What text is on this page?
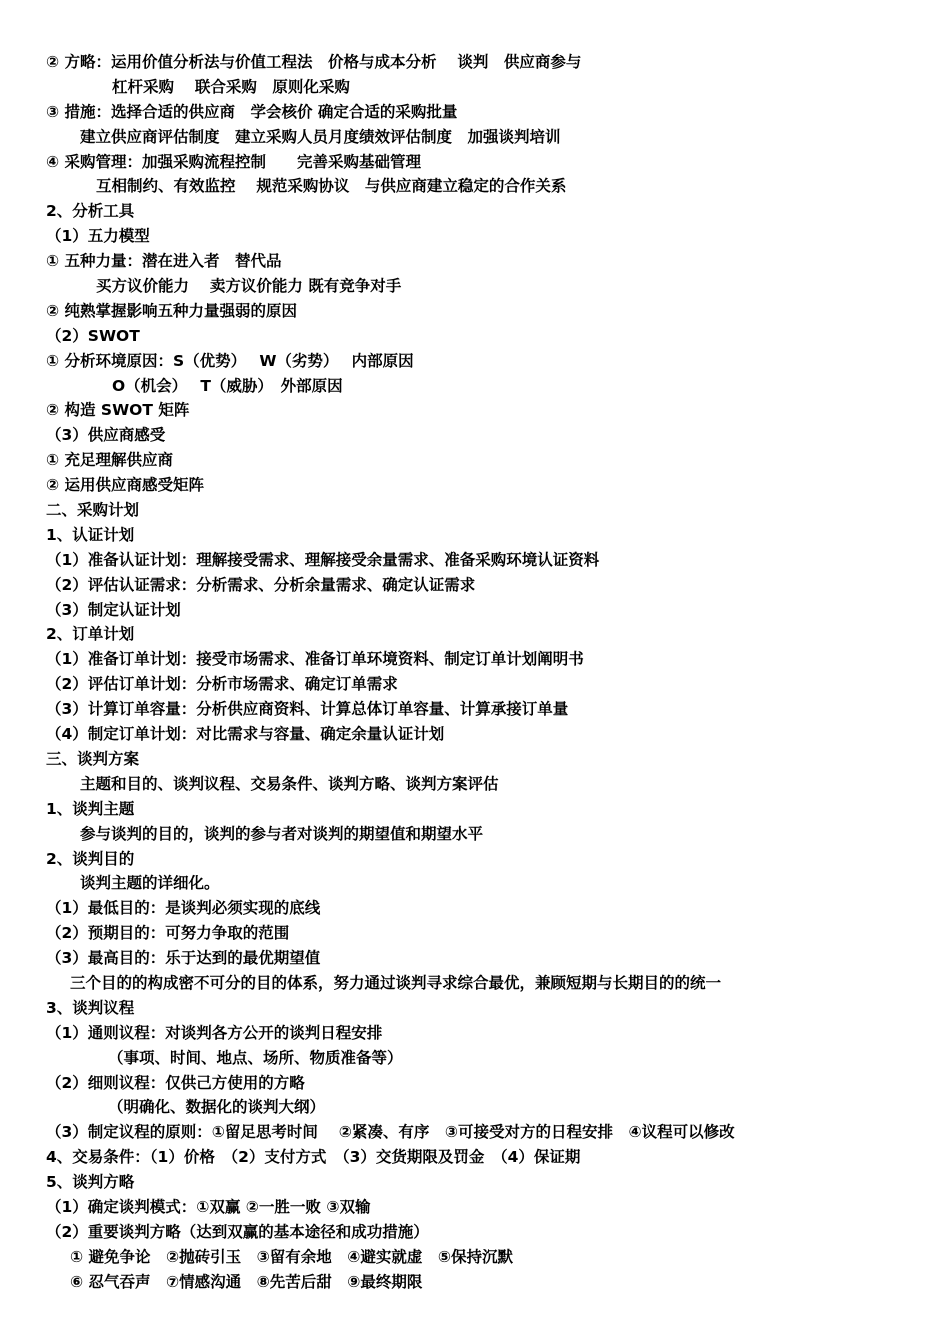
② 方略：运用价值分析法与价值工程法　价格与成本分析　 谈判　供应商参与
杠杆采购　 联合采购　原则化采购
③ 措施：选择合适的供应商　学会核价 确定合适的采购批量
建立供应商评估制度　建立采购人员月度绩效评估制度　加强谈判培训
④ 采购管理：加强采购流程控制　　完善采购基础管理
互相制约、有效监控　 规范采购协议　与供应商建立稳定的合作关系
2、分析工具
（1）五力模型
① 五种力量：潜在进入者　替代品
买方议价能力　 卖方议价能力 既有竞争对手
② 纯熟掌握影响五种力量强弱的原因
（2）SWOT
① 分析环境原因：S（优势）　 W（劣势）　 内部原因
O（机会）　 T（威胁）　外部原因
② 构造 SWOT 矩阵
（3）供应商感受
① 充足理解供应商
② 运用供应商感受矩阵
二、采购计划
1、认证计划
（1）准备认证计划：理解接受需求、理解接受余量需求、准备采购环境认证资料
（2）评估认证需求：分析需求、分析余量需求、确定认证需求
（3）制定认证计划
2、订单计划
（1）准备订单计划：接受市场需求、准备订单环境资料、制定订单计划阐明书
（2）评估订单计划：分析市场需求、确定订单需求
（3）计算订单容量：分析供应商资料、计算总体订单容量、计算承接订单量
（4）制定订单计划：对比需求与容量、确定余量认证计划
三、谈判方案
主题和目的、谈判议程、交易条件、谈判方略、谈判方案评估
1、谈判主题
参与谈判的目的，谈判的参与者对谈判的期望值和期望水平
2、谈判目的
谈判主题的详细化。
（1）最低目的：是谈判必须实现的底线
（2）预期目的：可努力争取的范围
（3）最高目的：乐于达到的最优期望值
三个目的的构成密不可分的目的体系，努力通过谈判寻求综合最优，兼顾短期与长期目的的统一
3、谈判议程
（1）通则议程：对谈判各方公开的谈判日程安排
（事项、时间、地点、场所、物质准备等）
（2）细则议程：仅供己方使用的方略
（明确化、数据化的谈判大纲）
（3）制定议程的原则：①留足思考时间　 ②紧凑、有序　③可接受对方的日程安排　④议程可以修改
4、交易条件：（1）价格　（2）支付方式　（3）交货期限及罚金　（4）保证期
5、谈判方略
（1）确定谈判模式：①双赢 ②一胜一败 ③双输
（2）重要谈判方略（达到双赢的基本途径和成功措施）
① 避免争论　②抛砖引玉　③留有余地　④避实就虚　⑤保持沉默
⑥ 忍气吞声　⑦情感沟通　⑧先苦后甜　⑨最终期限
